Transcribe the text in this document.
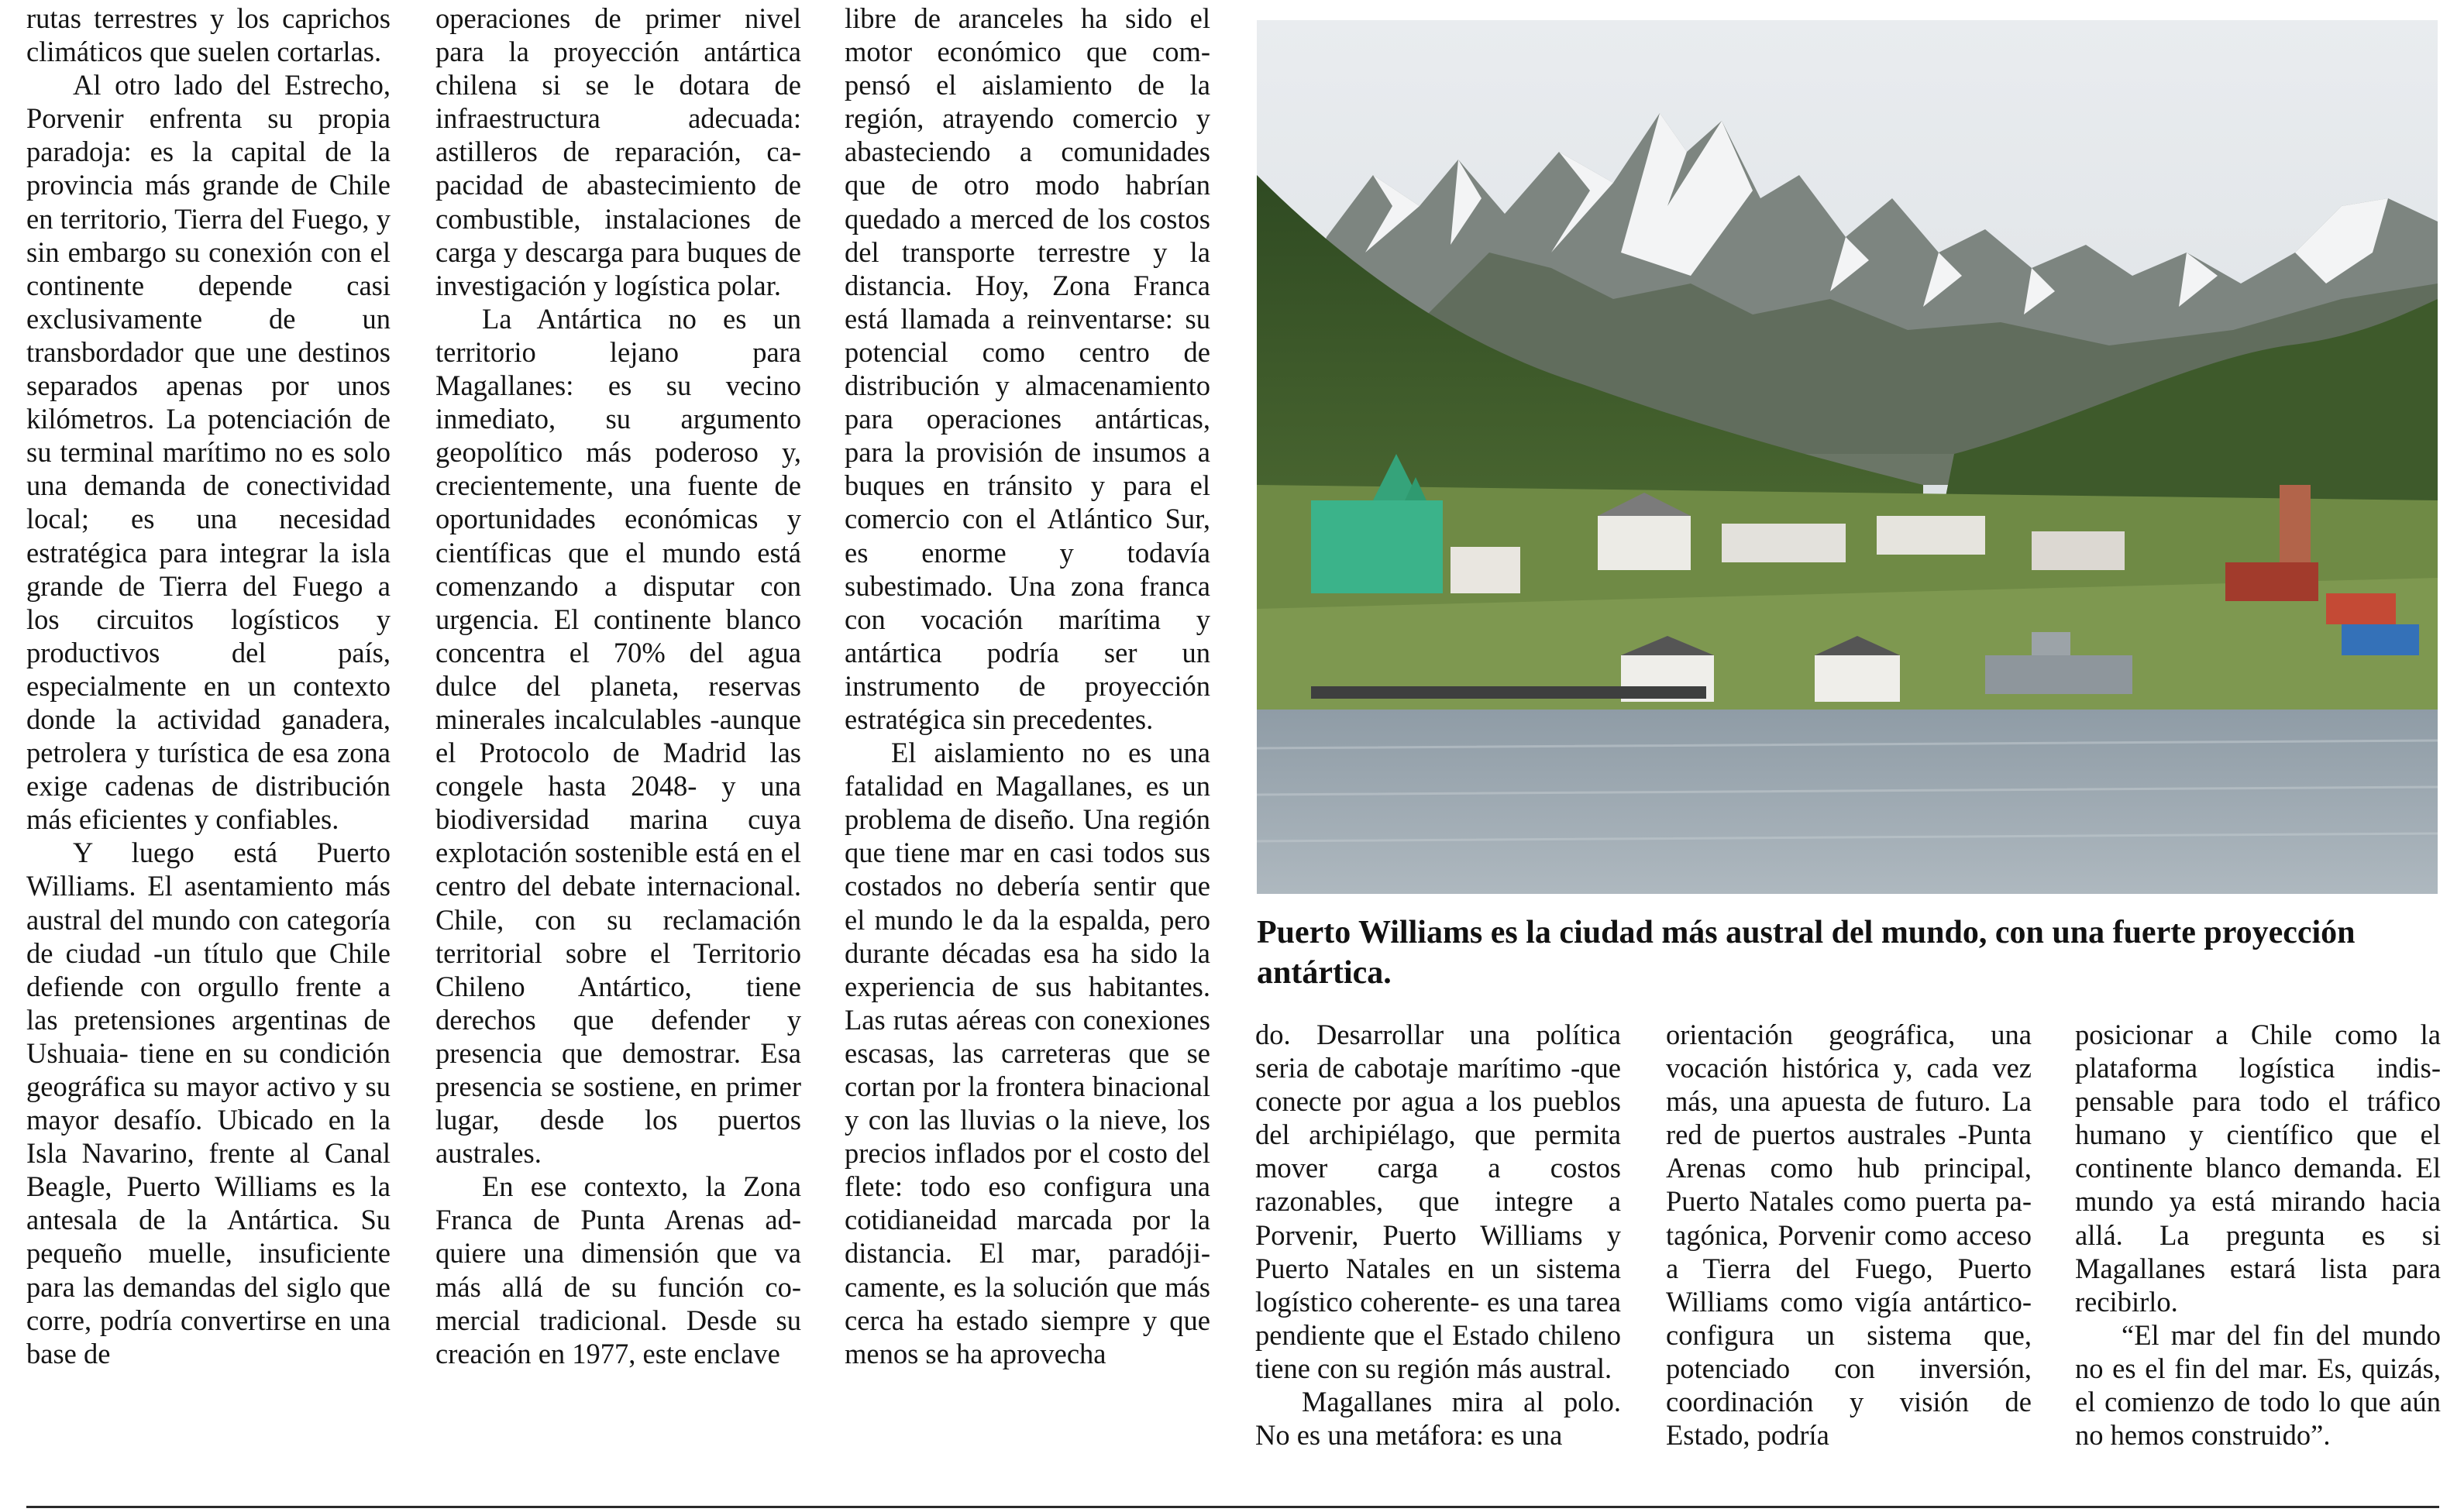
rutas terrestres y los caprichos climáticos que suelen cortarlas.

Al otro lado del Estrecho, Porvenir enfrenta su propia paradoja: es la capital de la provincia más grande de Chile en territorio, Tierra del Fuego, y sin embargo su conexión con el continente depende casi exclusivamente de un transbordador que une destinos separados apenas por unos kilómetros. La potenciación de su terminal marítimo no es solo una demanda de conectividad local; es una necesidad estratégica para integrar la isla grande de Tierra del Fuego a los circuitos logísticos y productivos del país, especialmente en un contexto donde la actividad ganadera, petrolera y turística de esa zona exige cadenas de distribución más eficientes y confiables.

Y luego está Puerto Williams. El asentamiento más austral del mundo con categoría de ciudad -un título que Chile defiende con orgullo frente a las pretensiones argentinas de Ushuaia- tiene en su condición geográfica su mayor activo y su mayor desafío. Ubicado en la Isla Navarino, frente al Canal Beagle, Puerto Williams es la antesala de la Antártica. Su pequeño muelle, insuficiente para las demandas del siglo que corre, podría convertirse en una base de

operaciones de primer nivel para la proyección antártica chilena si se le dotara de infraestructura adecuada: astilleros de reparación, capacidad de abastecimiento de combustible, instalaciones de carga y descarga para buques de investigación y logística polar.

La Antártica no es un territorio lejano para Magallanes: es su vecino inmediato, su argumento geopolítico más poderoso y, crecientemente, una fuente de oportunidades económicas y científicas que el mundo está comenzando a disputar con urgencia. El continente blanco concentra el 70% del agua dulce del planeta, reservas minerales incalculables -aunque el Protocolo de Madrid las congele hasta 2048- y una biodiversidad marina cuya explotación sostenible está en el centro del debate internacional. Chile, con su reclamación territorial sobre el Territorio Chileno Antártico, tiene derechos que defender y presencia que demostrar. Esa presencia se sostiene, en primer lugar, desde los puertos australes.

En ese contexto, la Zona Franca de Punta Arenas adquiere una dimensión que va más allá de su función comercial tradicional. Desde su creación en 1977, este enclave

libre de aranceles ha sido el motor económico que compensó el aislamiento de la región, atrayendo comercio y abasteciendo a comunidades que de otro modo habrían quedado a merced de los costos del transporte terrestre y la distancia. Hoy, Zona Franca está llamada a reinventarse: su potencial como centro de distribución y almacenamiento para operaciones antárticas, para la provisión de insumos a buques en tránsito y para el comercio con el Atlántico Sur, es enorme y todavía subestimado. Una zona franca con vocación marítima y antártica podría ser un instrumento de proyección estratégica sin precedentes.

El aislamiento no es una fatalidad en Magallanes, es un problema de diseño. Una región que tiene mar en casi todos sus costados no debería sentir que el mundo le da la espalda, pero durante décadas esa ha sido la experiencia de sus habitantes. Las rutas aéreas con conexiones escasas, las carreteras que se cortan por la frontera binacional y con las lluvias o la nieve, los precios inflados por el costo del flete: todo eso configura una cotidianeidad marcada por la distancia. El mar, paradójicamente, es la solución que más cerca ha estado siempre y que menos se ha aprovecha

Puerto Williams es la ciudad más austral del mundo, con una fuerte proyección antártica.

do. Desarrollar una política seria de cabotaje marítimo -que conecte por agua a los pueblos del archipiélago, que permita mover carga a costos razonables, que integre a Porvenir, Puerto Williams y Puerto Natales en un sistema logístico coherente- es una tarea pendiente que el Estado chileno tiene con su región más austral.

Magallanes mira al polo. No es una metáfora: es una

orientación geográfica, una vocación histórica y, cada vez más, una apuesta de futuro. La red de puertos australes -Punta Arenas como hub principal, Puerto Natales como puerta patagónica, Porvenir como acceso a Tierra del Fuego, Puerto Williams como vigía antártico- configura un sistema que, potenciado con inversión, coordinación y visión de Estado, podría

posicionar a Chile como la plataforma logística indispensable para todo el tráfico humano y científico que el continente blanco demanda. El mundo ya está mirando hacia allá. La pregunta es si Magallanes estará lista para recibirlo.

“El mar del fin del mundo no es el fin del mar. Es, quizás, el comienzo de todo lo que aún no hemos construido”.
